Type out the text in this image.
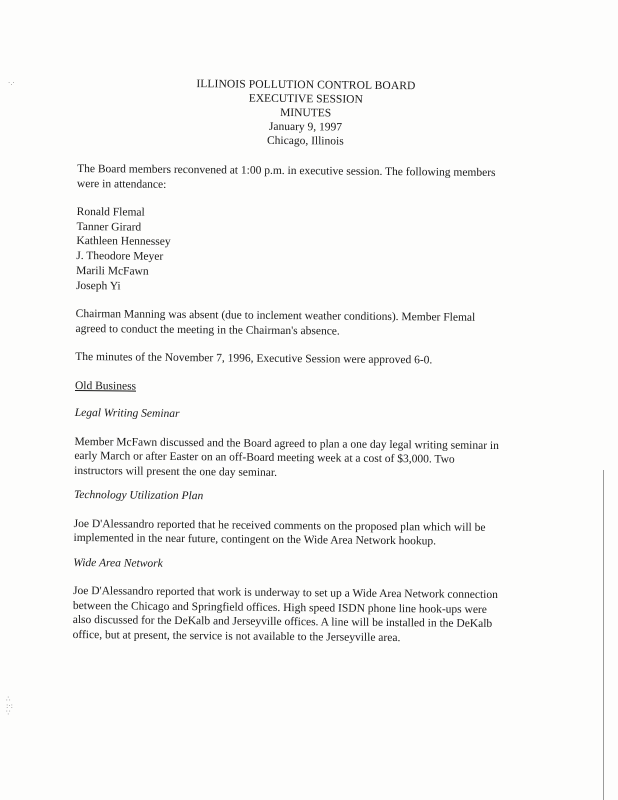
·.·
∴
:·:
∵
ILLINOIS POLLUTION CONTROL BOARD
EXECUTIVE SESSION
MINUTES
January 9, 1997
Chicago, Illinois

The Board members reconvened at 1:00 p.m. in executive session. The following members were in attendance:

Ronald Flemal
Tanner Girard
Kathleen Hennessey
J. Theodore Meyer
Marili McFawn
Joseph Yi

Chairman Manning was absent (due to inclement weather conditions). Member Flemal agreed to conduct the meeting in the Chairman's absence.

The minutes of the November 7, 1996, Executive Session were approved 6-0.

Old Business
Legal Writing Seminar

Member McFawn discussed and the Board agreed to plan a one day legal writing seminar in early March or after Easter on an off-Board meeting week at a cost of $3,000. Two instructors will present the one day seminar.

Technology Utilization Plan

Joe D'Alessandro reported that he received comments on the proposed plan which will be implemented in the near future, contingent on the Wide Area Network hookup.

Wide Area Network

Joe D'Alessandro reported that work is underway to set up a Wide Area Network connection between the Chicago and Springfield offices. High speed ISDN phone line hook-ups were also discussed for the DeKalb and Jerseyville offices. A line will be installed in the DeKalb office, but at present, the service is not available to the Jerseyville area.
